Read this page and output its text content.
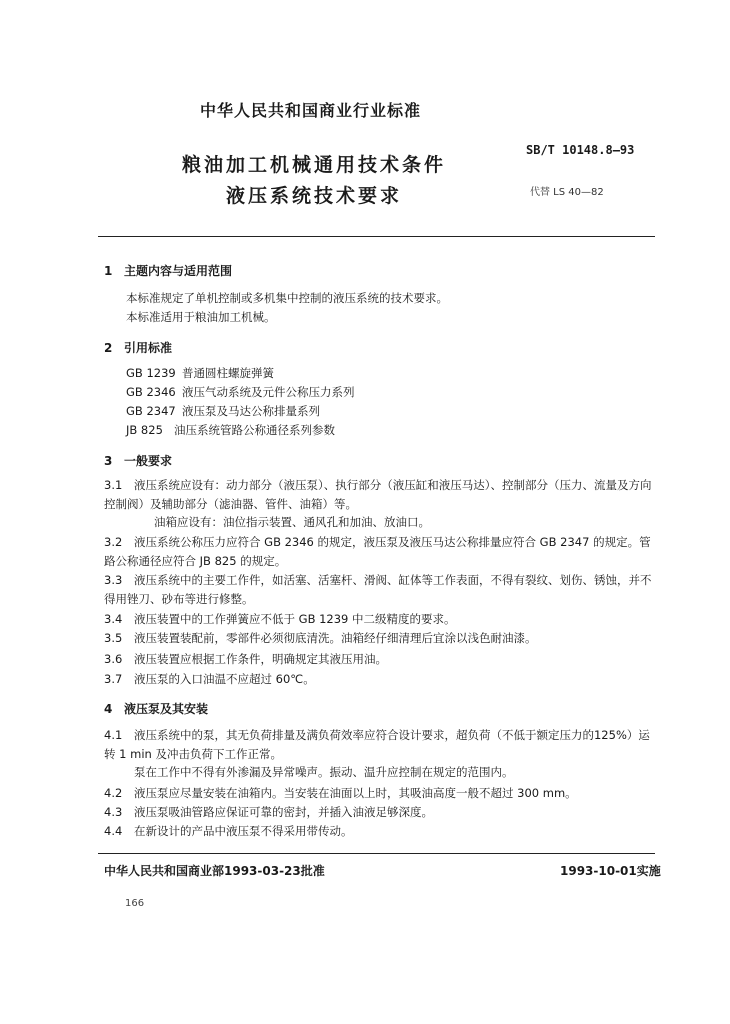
中华人民共和国商业行业标准
粮油加工机械通用技术条件
液压系统技术要求
SB/T 10148.8—93
代替 LS 40—82
1 主题内容与适用范围
本标准规定了单机控制或多机集中控制的液压系统的技术要求。
本标准适用于粮油加工机械。
2 引用标准
GB 1239 普通圆柱螺旋弹簧
GB 2346 液压气动系统及元件公称压力系列
GB 2347 液压泵及马达公称排量系列
JB 825 油压系统管路公称通径系列参数
3 一般要求
3.1	液压系统应设有：动力部分（液压泵）、执行部分（液压缸和液压马达）、控制部分（压力、流量及方向控制阀）及辅助部分（滤油器、管件、油箱）等。
油箱应设有：油位指示装置、通风孔和加油、放油口。
3.2	液压系统公称压力应符合 GB 2346 的规定，液压泵及液压马达公称排量应符合 GB 2347 的规定。管路公称通径应符合 JB 825 的规定。
3.3	液压系统中的主要工作件，如活塞、活塞杆、滑阀、缸体等工作表面，不得有裂纹、划伤、锈蚀，并不得用锉刀、砂布等进行修整。
3.4	液压装置中的工作弹簧应不低于 GB 1239 中二级精度的要求。
3.5	液压装置装配前，零部件必须彻底清洗。油箱经仔细清理后宜涂以浅色耐油漆。
3.6	液压装置应根据工作条件，明确规定其液压用油。
3.7	液压泵的入口油温不应超过 60℃。
4 液压泵及其安装
4.1	液压系统中的泵，其无负荷排量及满负荷效率应符合设计要求，超负荷（不低于额定压力的125%）运转 1 min 及冲击负荷下工作正常。
泵在工作中不得有外渗漏及异常噪声。振动、温升应控制在规定的范围内。
4.2	液压泵应尽量安装在油箱内。当安装在油面以上时，其吸油高度一般不超过 300 mm。
4.3	液压泵吸油管路应保证可靠的密封，并插入油液足够深度。
4.4	在新设计的产品中液压泵不得采用带传动。
中华人民共和国商业部1993-03-23批准	1993-10-01实施
166
